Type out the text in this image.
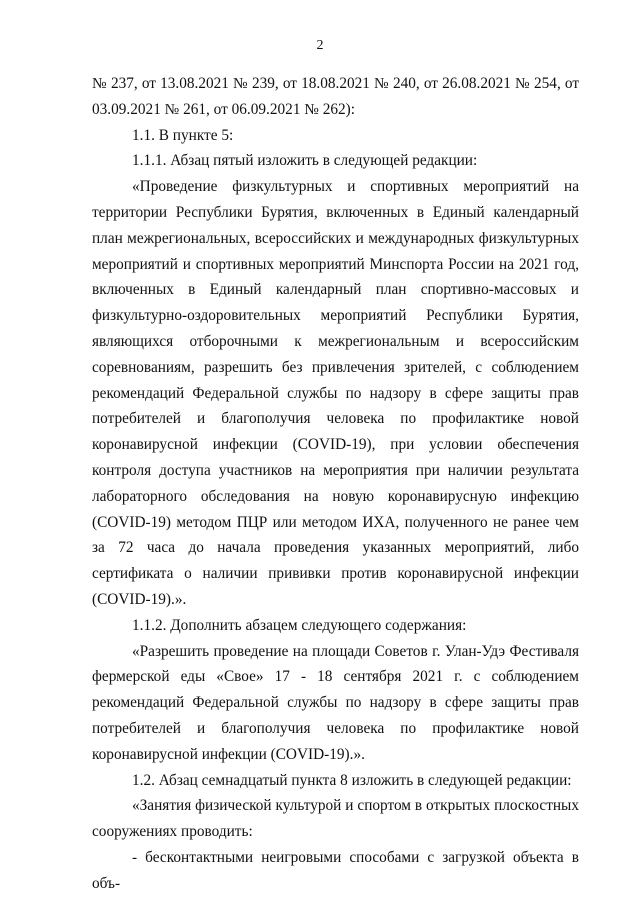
2

№ 237, от 13.08.2021 № 239, от 18.08.2021 № 240, от 26.08.2021 № 254, от 03.09.2021 № 261, от 06.09.2021 № 262):

1.1. В пункте 5:

1.1.1. Абзац пятый изложить в следующей редакции:

«Проведение физкультурных и спортивных мероприятий на территории Республики Бурятия, включенных в Единый календарный план межрегиональных, всероссийских и международных физкультурных мероприятий и спортивных мероприятий Минспорта России на 2021 год, включенных в Единый календарный план спортивно-массовых и физкультурно-оздоровительных мероприятий Республики Бурятия, являющихся отборочными к межрегиональным и всероссийским соревнованиям, разрешить без привлечения зрителей, с соблюдением рекомендаций Федеральной службы по надзору в сфере защиты прав потребителей и благополучия человека по профилактике новой коронавирусной инфекции (COVID-19), при условии обеспечения контроля доступа участников на мероприятия при наличии результата лабораторного обследования на новую коронавирусную инфекцию (COVID-19) методом ПЦР или методом ИХА, полученного не ранее чем за 72 часа до начала проведения указанных мероприятий, либо сертификата о наличии прививки против коронавирусной инфекции (COVID-19).».

1.1.2. Дополнить абзацем следующего содержания:

«Разрешить проведение на площади Советов г. Улан-Удэ Фестиваля фермерской еды «Свое» 17 - 18 сентября 2021 г. с соблюдением рекомендаций Федеральной службы по надзору в сфере защиты прав потребителей и благополучия человека по профилактике новой коронавирусной инфекции (COVID-19).».

1.2. Абзац семнадцатый пункта 8 изложить в следующей редакции:

«Занятия физической культурой и спортом в открытых плоскостных сооружениях проводить:

- бесконтактными неигровыми способами с загрузкой объекта в объ-
